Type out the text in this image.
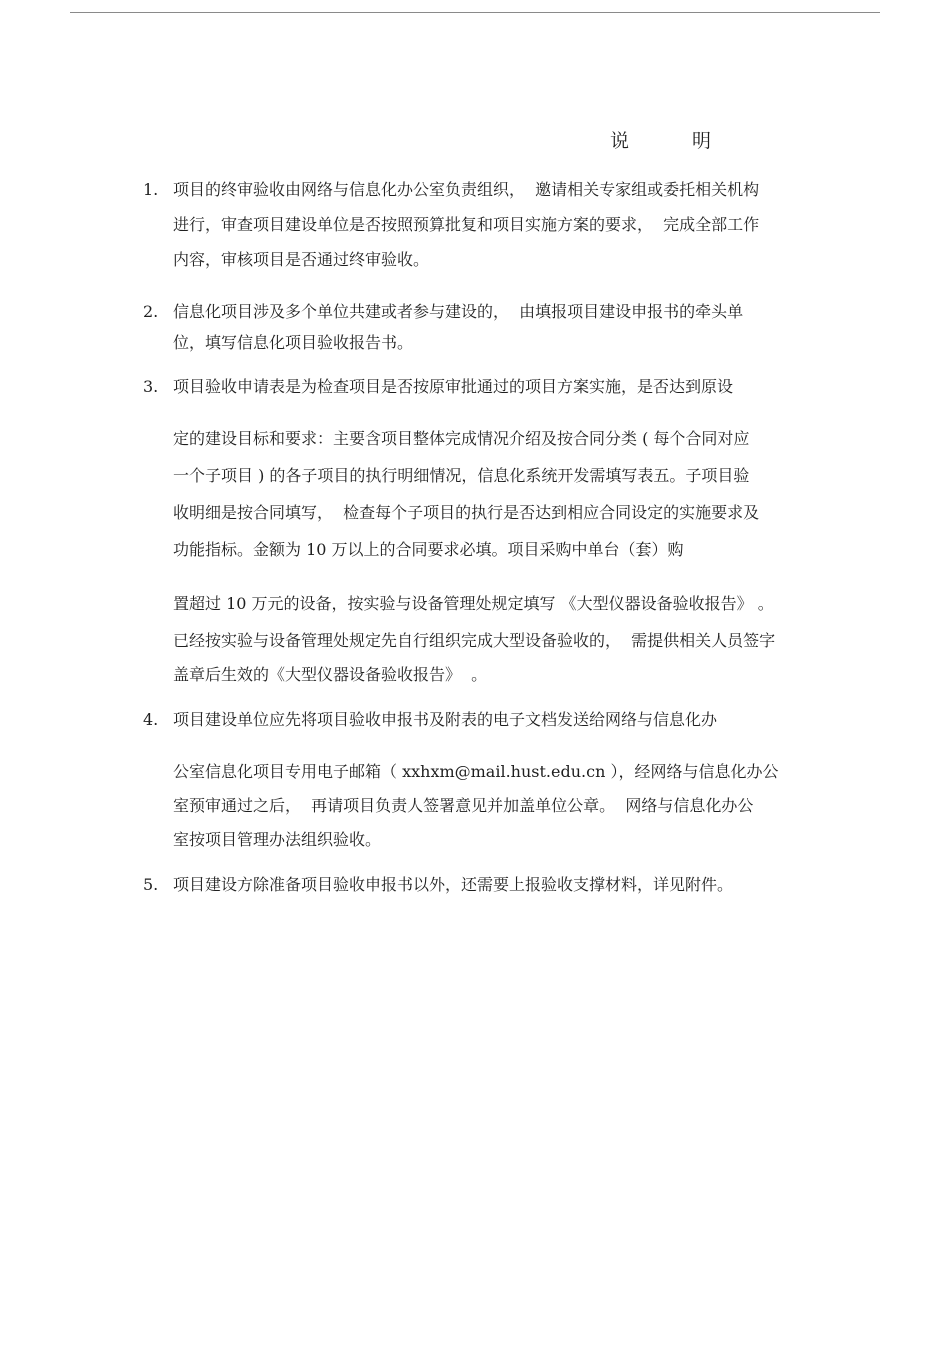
说　明
1. 项目的终审验收由网络与信息化办公室负责组织，  邀请相关专家组或委托相关机构
进行，审查项目建设单位是否按照预算批复和项目实施方案的要求，  完成全部工作
内容，审核项目是否通过终审验收。
2. 信息化项目涉及多个单位共建或者参与建设的，  由填报项目建设申报书的牵头单
位，填写信息化项目验收报告书。
3. 项目验收申请表是为检查项目是否按原审批通过的项目方案实施，是否达到原设
定的建设目标和要求：主要含项目整体完成情况介绍及按合同分类 ( 每个合同对应
一个子项目 ) 的各子项目的执行明细情况，信息化系统开发需填写表五。子项目验
收明细是按合同填写，  检查每个子项目的执行是否达到相应合同设定的实施要求及
功能指标。金额为 10 万以上的合同要求必填。项目采购中单台（套）购
置超过 10 万元的设备，按实验与设备管理处规定填写 《大型仪器设备验收报告》 。
已经按实验与设备管理处规定先自行组织完成大型设备验收的，  需提供相关人员签字
盖章后生效的《大型仪器设备验收报告》  。
4. 项目建设单位应先将项目验收申报书及附表的电子文档发送给网络与信息化办
公室信息化项目专用电子邮箱（ xxhxm@mail.hust.edu.cn ），经网络与信息化办公
室预审通过之后，  再请项目负责人签署意见并加盖单位公章。  网络与信息化办公
室按项目管理办法组织验收。
5. 项目建设方除准备项目验收申报书以外，还需要上报验收支撑材料，详见附件。
